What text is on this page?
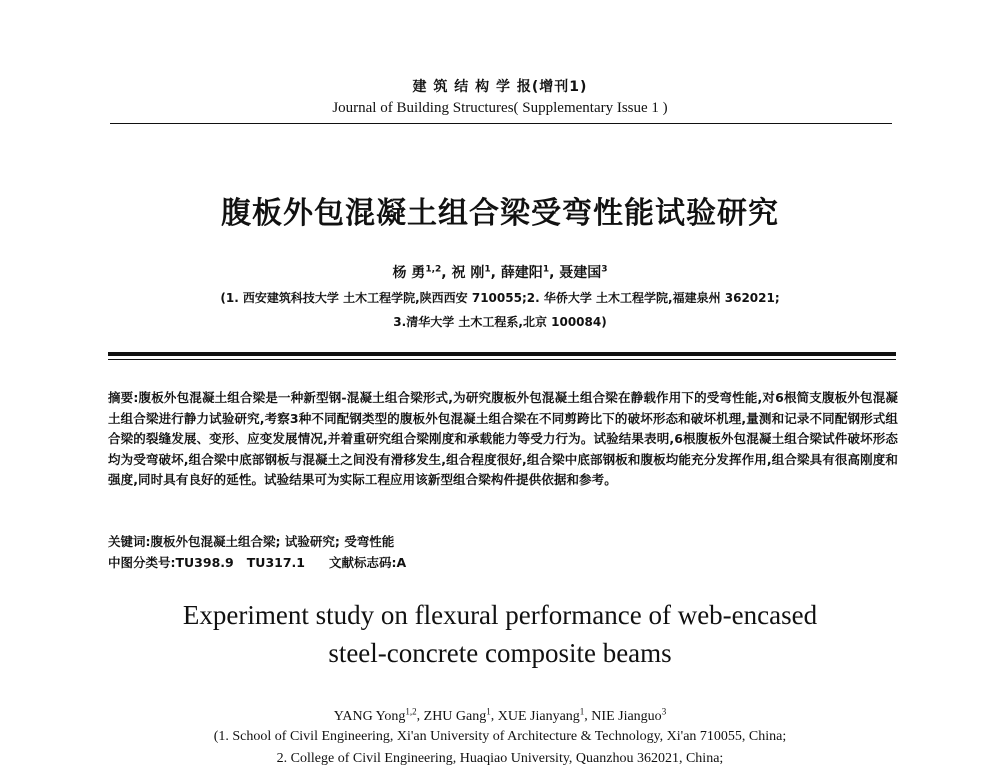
建 筑 结 构 学 报(增刊1)
Journal of Building Structures( Supplementary Issue 1 )
腹板外包混凝土组合梁受弯性能试验研究
杨 勇$^{1,2}$, 祝 刚$^1$, 薛建阳$^1$, 聂建国$^3$
(1. 西安建筑科技大学 土木工程学院,陕西西安 710055;2. 华侨大学 土木工程学院,福建泉州 362021;
3.清华大学 土木工程系,北京 100084)
摘要:腹板外包混凝土组合梁是一种新型钢-混凝土组合梁形式,为研究腹板外包混凝土组合梁在静载作用下的受弯性能,对6根简支腹板外包混凝土组合梁进行静力试验研究,考察3种不同配钢类型的腹板外包混凝土组合梁在不同剪跨比下的破坏形态和破坏机理,量测和记录不同配钢形式组合梁的裂缝发展、变形、应变发展情况,并着重研究组合梁刚度和承载能力等受力行为。试验结果表明,6根腹板外包混凝土组合梁试件破坏形态均为受弯破坏,组合梁中底部钢板与混凝土之间没有滑移发生,组合程度很好,组合梁中底部钢板和腹板均能充分发挥作用,组合梁具有很高刚度和强度,同时具有良好的延性。试验结果可为实际工程应用该新型组合梁构件提供依据和参考。
关键词:腹板外包混凝土组合梁; 试验研究; 受弯性能
中图分类号:TU398.9   TU317.1 文献标志码:A
Experiment study on flexural performance of web-encased
steel-concrete composite beams
YANG Yong$^{1,2}$, ZHU Gang$^1$, XUE Jianyang$^1$, NIE Jianguo$^3$
(1. School of Civil Engineering, Xi'an University of Architecture & Technology, Xi'an 710055, China;
2. College of Civil Engineering, Huaqiao University, Quanzhou 362021, China;
